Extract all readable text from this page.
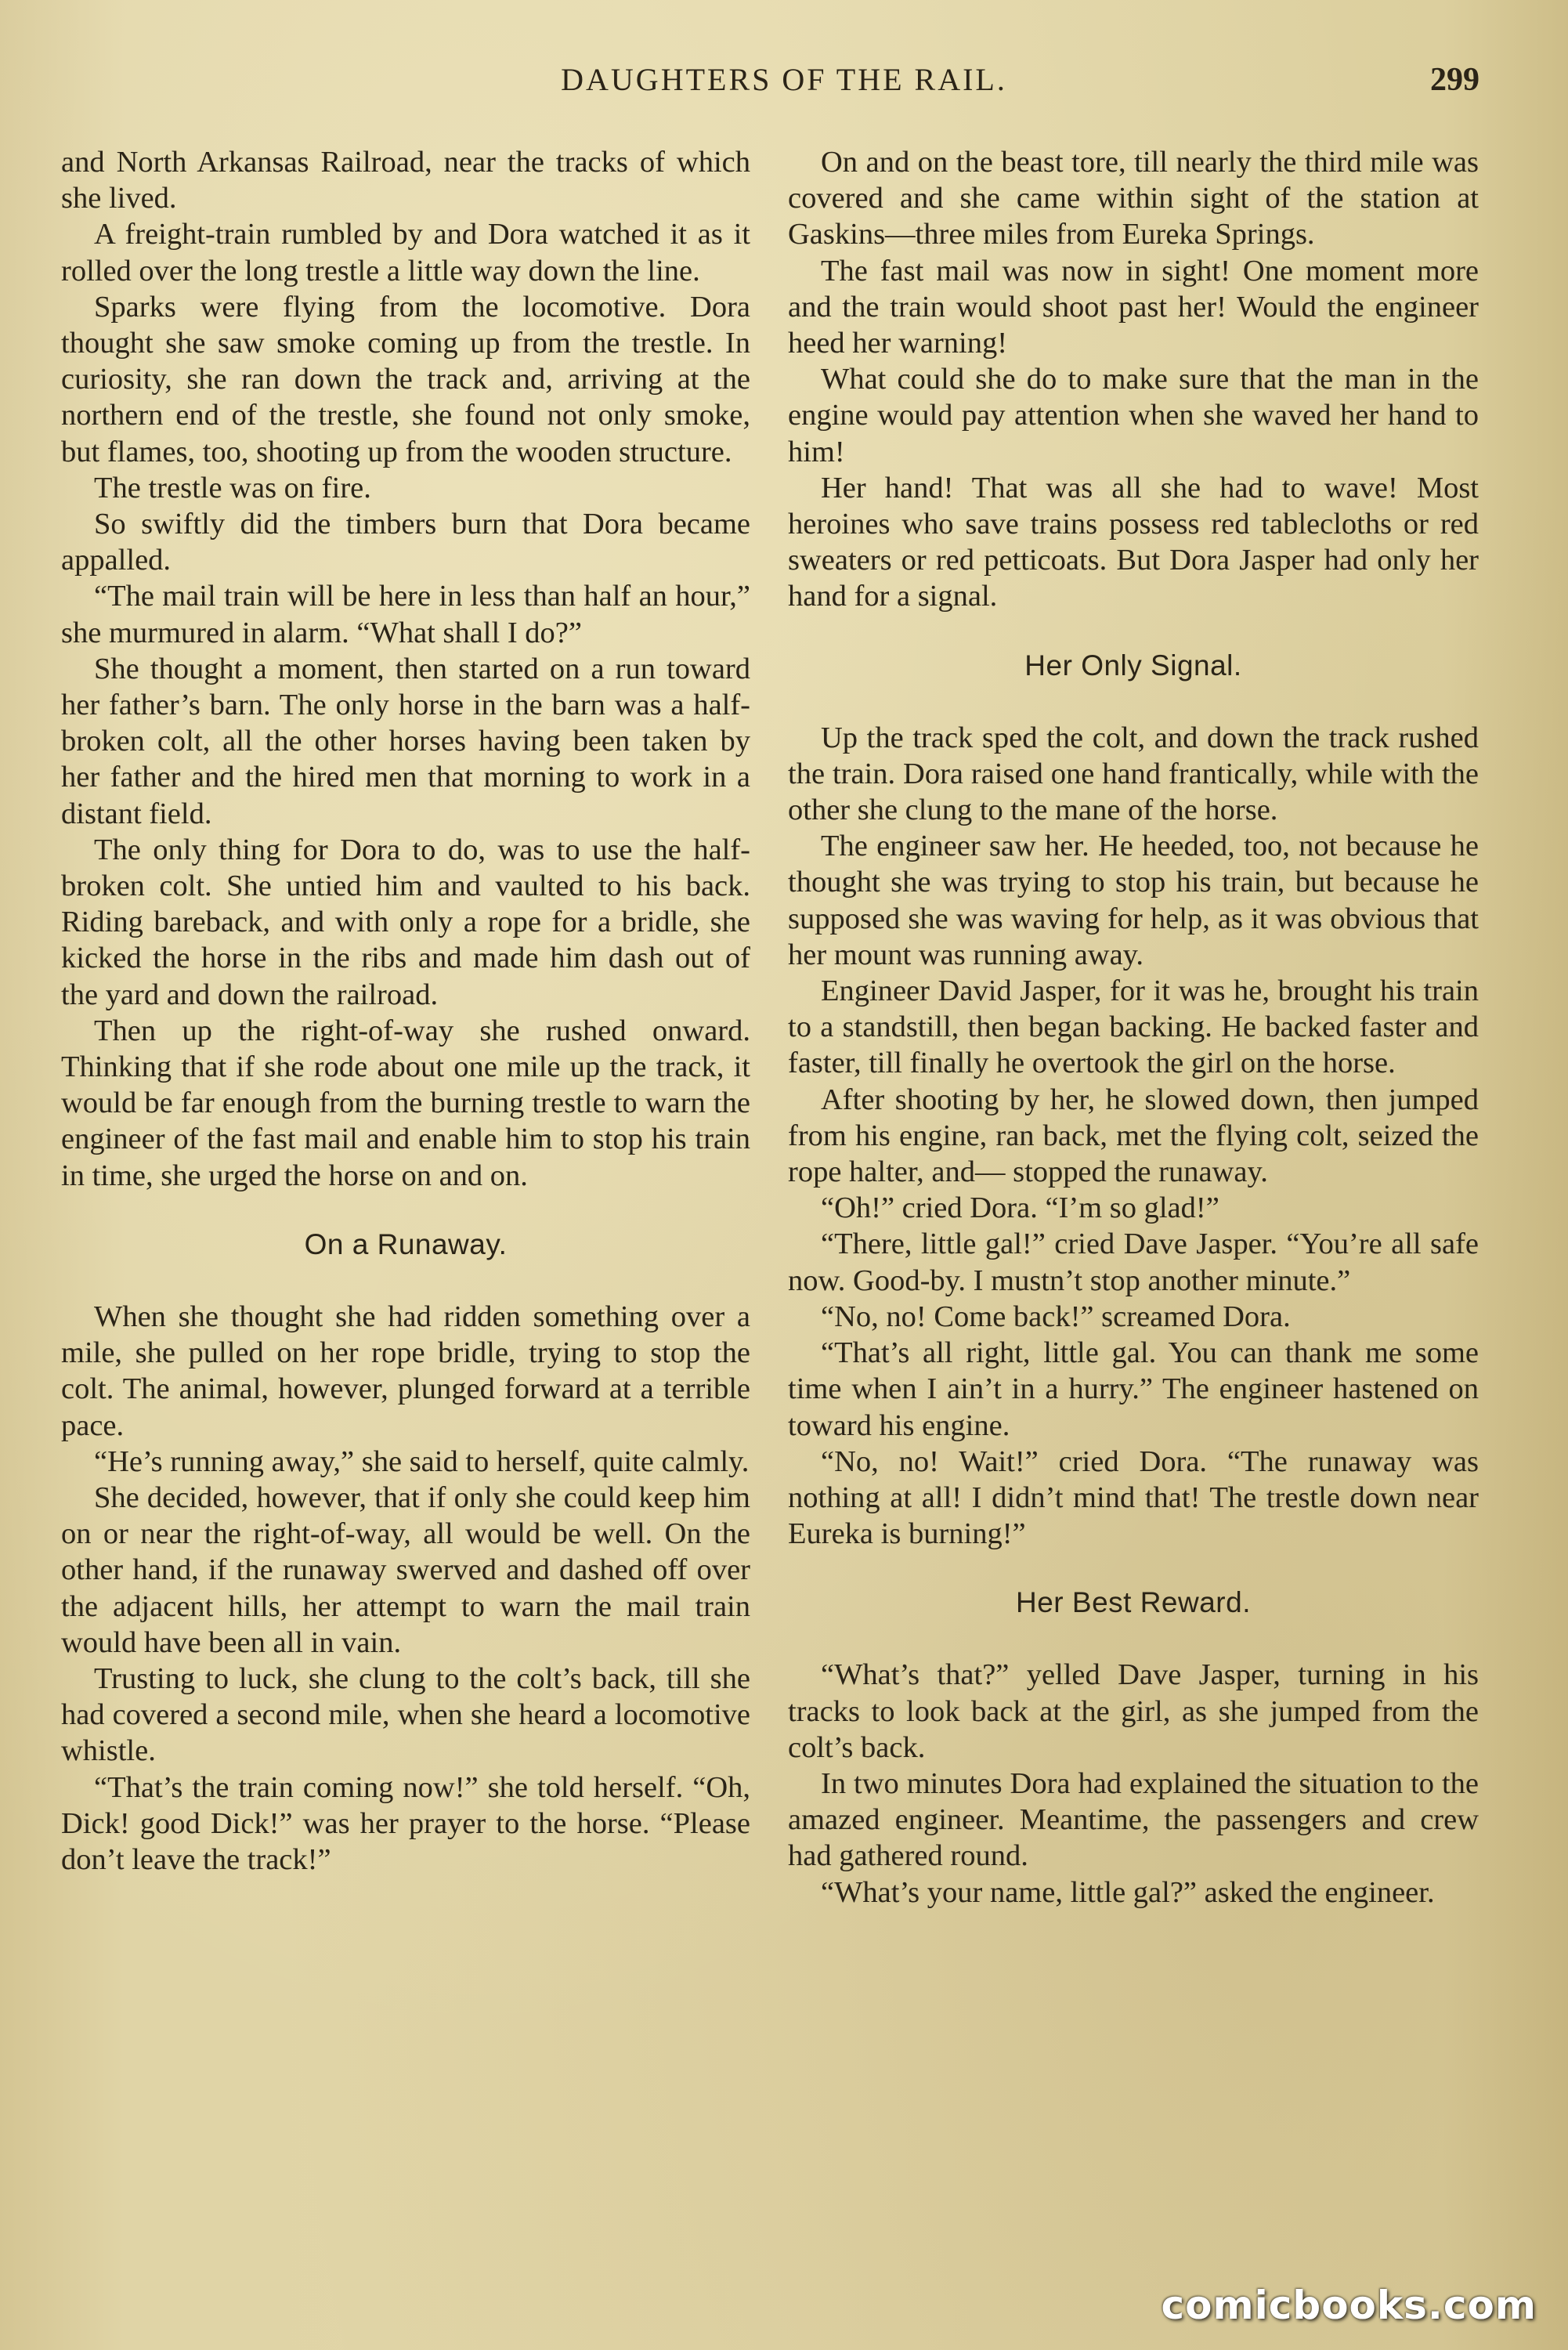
DAUGHTERS OF THE RAIL.	299

and North Arkansas Railroad, near the tracks of which she lived.

A freight-train rumbled by and Dora watched it as it rolled over the long trestle a little way down the line.

Sparks were flying from the locomotive. Dora thought she saw smoke coming up from the trestle. In curiosity, she ran down the track and, arriving at the northern end of the trestle, she found not only smoke, but flames, too, shooting up from the wooden structure.

The trestle was on fire.

So swiftly did the timbers burn that Dora became appalled.

“The mail train will be here in less than half an hour,” she murmured in alarm. “What shall I do?”

She thought a moment, then started on a run toward her father’s barn. The only horse in the barn was a half-broken colt, all the other horses having been taken by her father and the hired men that morning to work in a distant field.

The only thing for Dora to do, was to use the half-broken colt. She untied him and vaulted to his back. Riding bareback, and with only a rope for a bridle, she kicked the horse in the ribs and made him dash out of the yard and down the railroad.

Then up the right-of-way she rushed onward. Thinking that if she rode about one mile up the track, it would be far enough from the burning trestle to warn the engineer of the fast mail and enable him to stop his train in time, she urged the horse on and on.

On a Runaway.

When she thought she had ridden something over a mile, she pulled on her rope bridle, trying to stop the colt. The animal, however, plunged forward at a terrible pace.

“He’s running away,” she said to herself, quite calmly.

She decided, however, that if only she could keep him on or near the right-of-way, all would be well. On the other hand, if the runaway swerved and dashed off over the adjacent hills, her attempt to warn the mail train would have been all in vain.

Trusting to luck, she clung to the colt’s back, till she had covered a second mile, when she heard a locomotive whistle.

“That’s the train coming now!” she told herself. “Oh, Dick! good Dick!” was her prayer to the horse. “Please don’t leave the track!”

On and on the beast tore, till nearly the third mile was covered and she came within sight of the station at Gaskins—three miles from Eureka Springs.

The fast mail was now in sight! One moment more and the train would shoot past her! Would the engineer heed her warning!

What could she do to make sure that the man in the engine would pay attention when she waved her hand to him!

Her hand! That was all she had to wave! Most heroines who save trains possess red tablecloths or red sweaters or red petticoats. But Dora Jasper had only her hand for a signal.

Her Only Signal.

Up the track sped the colt, and down the track rushed the train. Dora raised one hand frantically, while with the other she clung to the mane of the horse.

The engineer saw her. He heeded, too, not because he thought she was trying to stop his train, but because he supposed she was waving for help, as it was obvious that her mount was running away.

Engineer David Jasper, for it was he, brought his train to a standstill, then began backing. He backed faster and faster, till finally he overtook the girl on the horse.

After shooting by her, he slowed down, then jumped from his engine, ran back, met the flying colt, seized the rope halter, and— stopped the runaway.

“Oh!” cried Dora. “I’m so glad!”

“There, little gal!” cried Dave Jasper. “You’re all safe now. Good-by. I mustn’t stop another minute.”

“No, no! Come back!” screamed Dora.

“That’s all right, little gal. You can thank me some time when I ain’t in a hurry.” The engineer hastened on toward his engine.

“No, no! Wait!” cried Dora. “The runaway was nothing at all! I didn’t mind that! The trestle down near Eureka is burning!”

Her Best Reward.

“What’s that?” yelled Dave Jasper, turning in his tracks to look back at the girl, as she jumped from the colt’s back.

In two minutes Dora had explained the situation to the amazed engineer. Meantime, the passengers and crew had gathered round.

“What’s your name, little gal?” asked the engineer.

comicbooks.com
